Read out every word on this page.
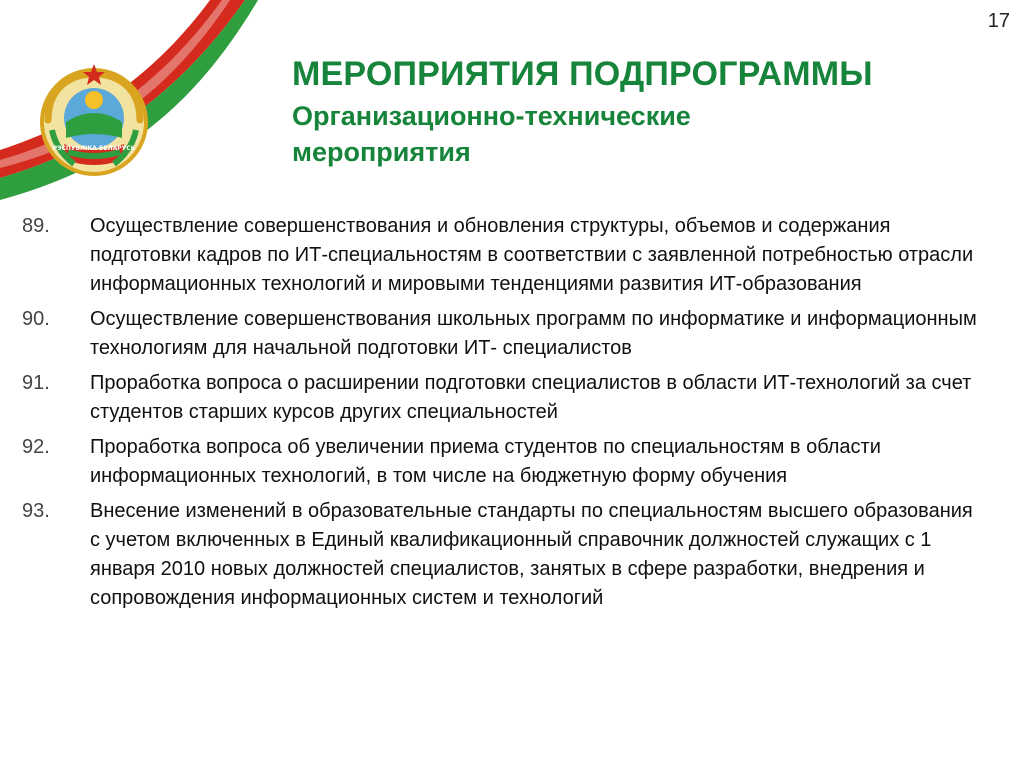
РЭСПУБЛІКА БЕЛАРУСЬ
17
МЕРОПРИЯТИЯ ПОДПРОГРАММЫ
Организационно-технические мероприятия
89.	Осуществление совершенствования и обновления структуры, объемов и содержания подготовки кадров по ИТ-специальностям в соответствии с заявленной потребностью отрасли информационных технологий и мировыми тенденциями развития ИТ-образования
90.	Осуществление совершенствования школьных программ по информатике и информационным технологиям для начальной подготовки ИТ- специалистов
91.	Проработка вопроса о расширении подготовки специалистов в области ИТ-технологий за счет студентов старших курсов других специальностей
92.	Проработка вопроса об увеличении приема студентов по специальностям в области информационных технологий, в том числе на бюджетную форму обучения
93.	Внесение изменений в образовательные стандарты по специальностям высшего образования с учетом включенных в Единый квалификационный справочник должностей служащих с 1 января 2010 новых должностей специалистов, занятых в сфере разработки, внедрения и сопровождения информационных систем и технологий
